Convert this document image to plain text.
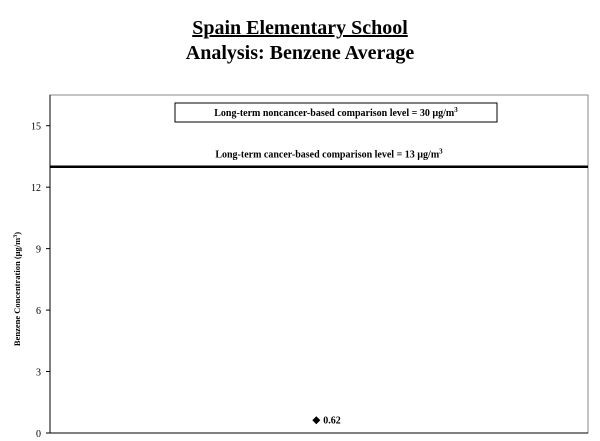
Spain Elementary School
Analysis: Benzene Average
0
3
6
9
12
15
Long-term cancer-based comparison level = 13 $\mu g/m^3$
Long-term noncancer-based comparison level = 30 $\mu g/m^3$
0.62
Benzene Concentration $(\mu g/m^3)$
